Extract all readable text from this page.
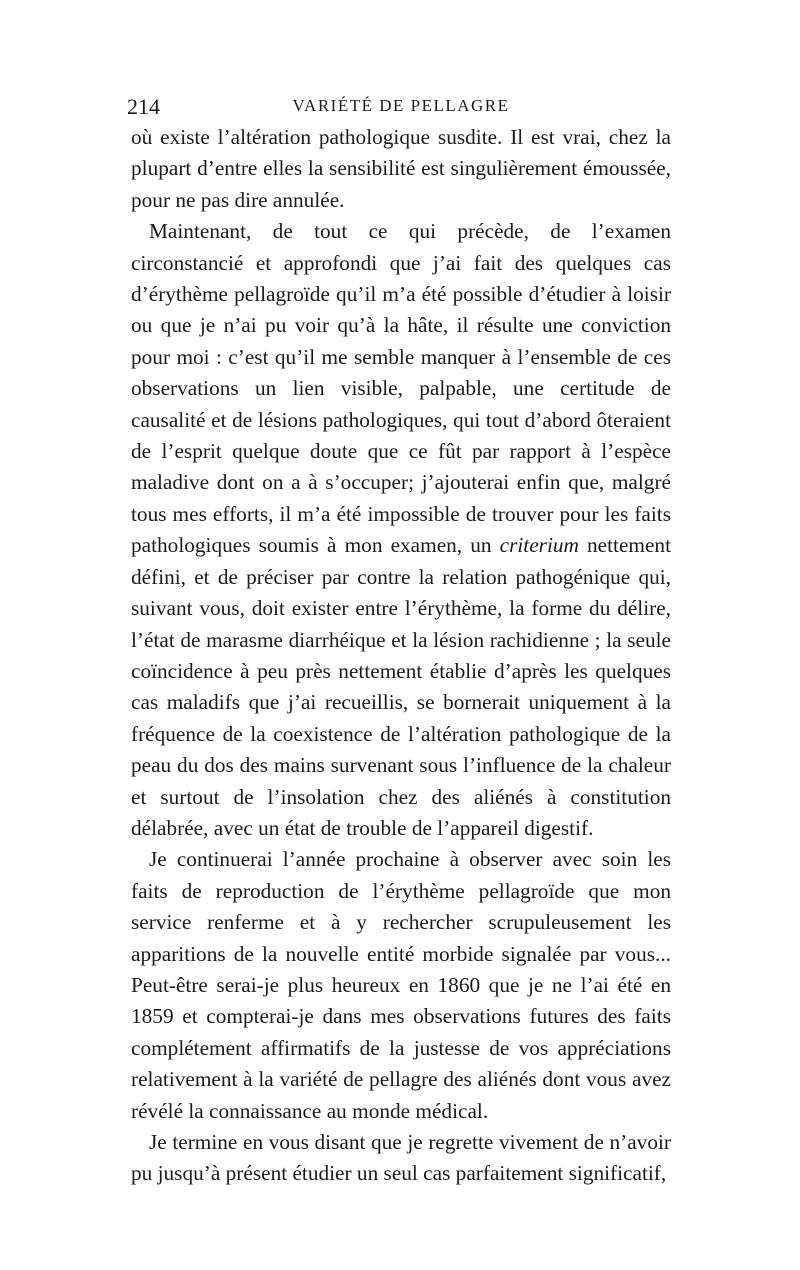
214	VARIÉTÉ DE PELLAGRE

où existe l’altération pathologique susdite. Il est vrai, chez la plupart d’entre elles la sensibilité est singulièrement émoussée, pour ne pas dire annulée.

Maintenant, de tout ce qui précède, de l’examen circonstancié et approfondi que j’ai fait des quelques cas d’érythème pellagroïde qu’il m’a été possible d’étudier à loisir ou que je n’ai pu voir qu’à la hâte, il résulte une conviction pour moi : c’est qu’il me semble manquer à l’ensemble de ces observations un lien visible, palpable, une certitude de causalité et de lésions pathologiques, qui tout d’abord ôteraient de l’esprit quelque doute que ce fût par rapport à l’espèce maladive dont on a à s’occuper; j’ajouterai enfin que, malgré tous mes efforts, il m’a été impossible de trouver pour les faits pathologiques soumis à mon examen, un criterium nettement défini, et de préciser par contre la relation pathogénique qui, suivant vous, doit exister entre l’érythème, la forme du délire, l’état de marasme diarrhéique et la lésion rachidienne ; la seule coïncidence à peu près nettement établie d’après les quelques cas maladifs que j’ai recueillis, se bornerait uniquement à la fréquence de la coexistence de l’altération pathologique de la peau du dos des mains survenant sous l’influence de la chaleur et surtout de l’insolation chez des aliénés à constitution délabrée, avec un état de trouble de l’appareil digestif.

Je continuerai l’année prochaine à observer avec soin les faits de reproduction de l’érythème pellagroïde que mon service renferme et à y rechercher scrupuleusement les apparitions de la nouvelle entité morbide signalée par vous... Peut-être serai-je plus heureux en 1860 que je ne l’ai été en 1859 et compterai-je dans mes observations futures des faits complétement affirmatifs de la justesse de vos appréciations relativement à la variété de pellagre des aliénés dont vous avez révélé la connaissance au monde médical.

Je termine en vous disant que je regrette vivement de n’avoir pu jusqu’à présent étudier un seul cas parfaitement significatif,
